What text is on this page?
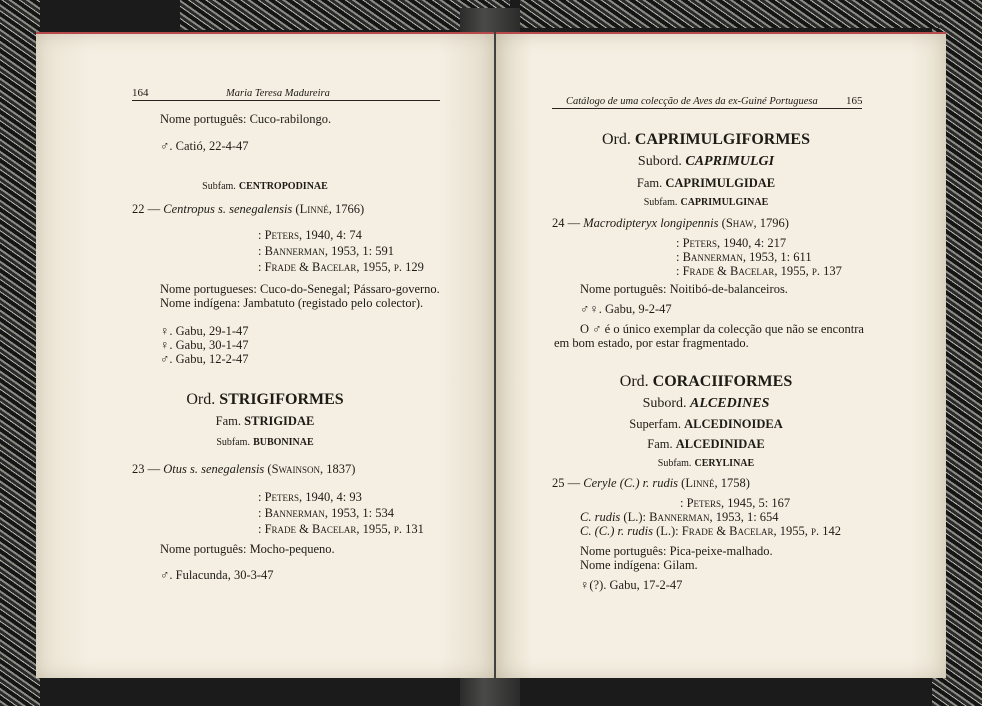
164	Maria Teresa Madureira
Nome português: Cuco-rabilongo.
♂. Catió, 22-4-47
Subfam. CENTROPODINAE
22 — Centropus s. senegalensis (Linné, 1766)
: Peters, 1940, 4: 74
: Bannerman, 1953, 1: 591
: Frade & Bacelar, 1955, p. 129
Nome portugueses: Cuco-do-Senegal; Pássaro-governo.
Nome indígena: Jambatuto (registado pelo colector).
♀. Gabu, 29-1-47
♀. Gabu, 30-1-47
♂. Gabu, 12-2-47
Ord. STRIGIFORMES
Fam. STRIGIDAE
Subfam. BUBONINAE
23 — Otus s. senegalensis (Swainson, 1837)
: Peters, 1940, 4: 93
: Bannerman, 1953, 1: 534
: Frade & Bacelar, 1955, p. 131
Nome português: Mocho-pequeno.
♂. Fulacunda, 30-3-47
Catálogo de uma colecção de Aves da ex-Guiné Portuguesa	165
Ord. CAPRIMULGIFORMES
Subord. CAPRIMULGI
Fam. CAPRIMULGIDAE
Subfam. CAPRIMULGINAE
24 — Macrodipteryx longipennis (Shaw, 1796)
: Peters, 1940, 4: 217
: Bannerman, 1953, 1: 611
: Frade & Bacelar, 1955, p. 137
Nome português: Noitibó-de-balanceiros.
♂♀. Gabu, 9-2-47
O ♂ é o único exemplar da colecção que não se encontra
em bom estado, por estar fragmentado.
Ord. CORACIIFORMES
Subord. ALCEDINES
Superfam. ALCEDINOIDEA
Fam. ALCEDINIDAE
Subfam. CERYLINAE
25 — Ceryle (C.) r. rudis (Linné, 1758)
: Peters, 1945, 5: 167
C. rudis (L.): Bannerman, 1953, 1: 654
C. (C.) r. rudis (L.): Frade & Bacelar, 1955, p. 142
Nome português: Pica-peixe-malhado.
Nome indígena: Gilam.
♀(?). Gabu, 17-2-47
